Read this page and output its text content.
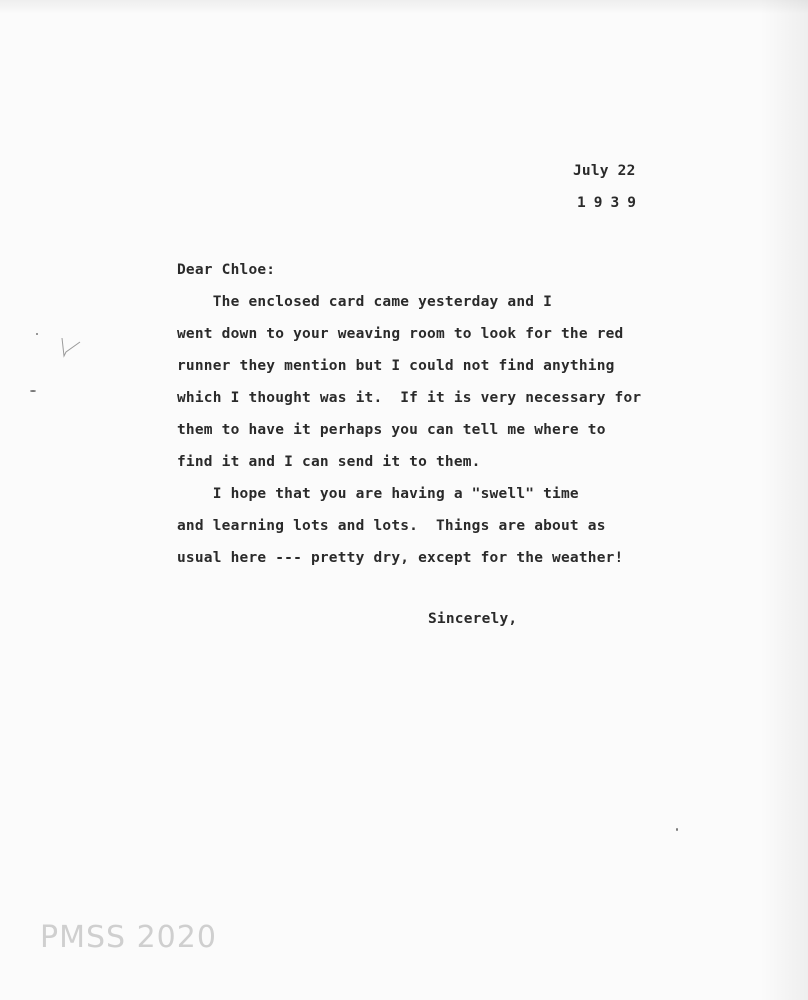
July 22

1939

Dear Chloe:

The enclosed card came yesterday and I

went down to your weaving room to look for the red

runner they mention but I could not find anything

which I thought was it.  If it is very necessary for

them to have it perhaps you can tell me where to

find it and I can send it to them.

I hope that you are having a "swell" time

and learning lots and lots.  Things are about as

usual here --- pretty dry, except for the weather!

Sincerely,

PMSS 2020
